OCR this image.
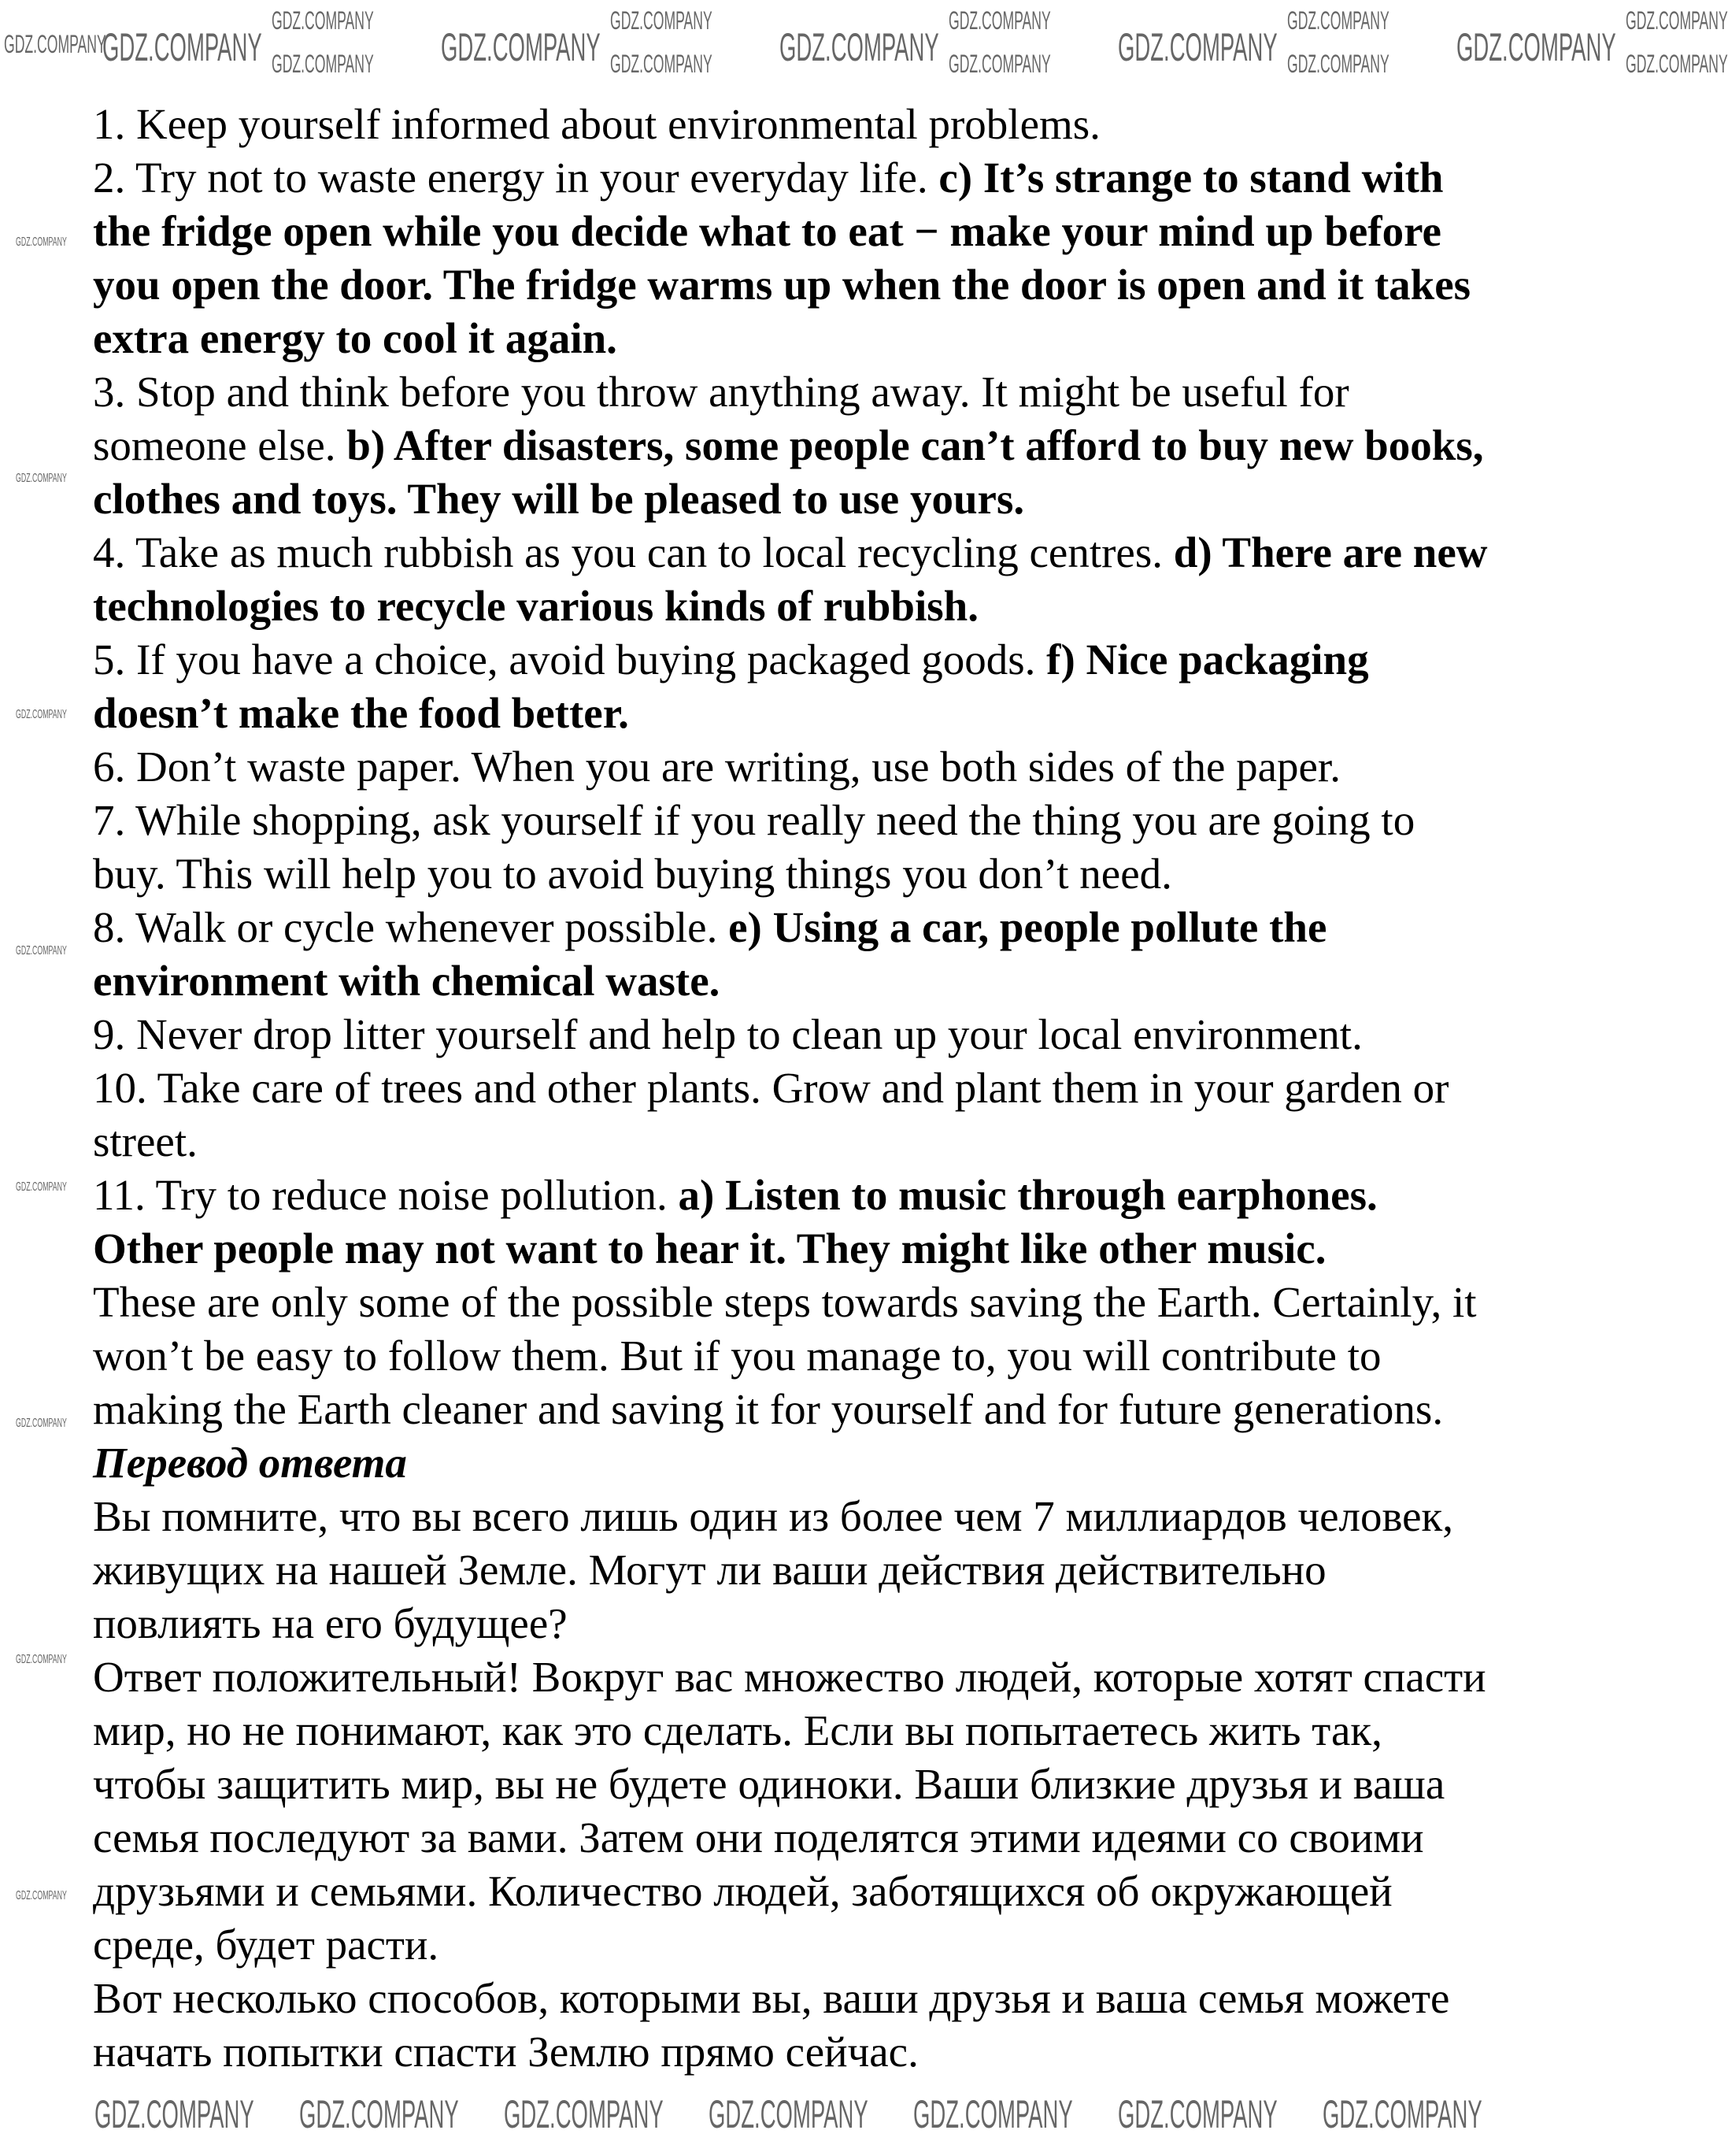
1. Keep yourself informed about environmental problems.
2. Try not to waste energy in your everyday life. c) It’s strange to stand with
the fridge open while you decide what to eat − make your mind up before
you open the door. The fridge warms up when the door is open and it takes
extra energy to cool it again.
3. Stop and think before you throw anything away. It might be useful for
someone else. b) After disasters, some people can’t afford to buy new books,
clothes and toys. They will be pleased to use yours.
4. Take as much rubbish as you can to local recycling centres. d) There are new
technologies to recycle various kinds of rubbish.
5. If you have a choice, avoid buying packaged goods. f) Nice packaging
doesn’t make the food better.
6. Don’t waste paper. When you are writing, use both sides of the paper.
7. While shopping, ask yourself if you really need the thing you are going to
buy. This will help you to avoid buying things you don’t need.
8. Walk or cycle whenever possible. e) Using a car, people pollute the
environment with chemical waste.
9. Never drop litter yourself and help to clean up your local environment.
10. Take care of trees and other plants. Grow and plant them in your garden or
street.
11. Try to reduce noise pollution. a) Listen to music through earphones.
Other people may not want to hear it. They might like other music.
These are only some of the possible steps towards saving the Earth. Certainly, it
won’t be easy to follow them. But if you manage to, you will contribute to
making the Earth cleaner and saving it for yourself and for future generations.
Перевод ответа
Вы помните, что вы всего лишь один из более чем 7 миллиардов человек,
живущих на нашей Земле. Могут ли ваши действия действительно
повлиять на его будущее?
Ответ положительный! Вокруг вас множество людей, которые хотят спасти
мир, но не понимают, как это сделать. Если вы попытаетесь жить так,
чтобы защитить мир, вы не будете одиноки. Ваши близкие друзья и ваша
семья последуют за вами. Затем они поделятся этими идеями со своими
друзьями и семьями. Количество людей, заботящихся об окружающей
среде, будет расти.
Вот несколько способов, которыми вы, ваши друзья и ваша семья можете
начать попытки спасти Землю прямо сейчас.
GDZ.COMPANY	GDZ.COMPANY	GDZ.COMPANY	GDZ.COMPANY	GDZ.COMPANY
GDZ.COMPANY GDZ.COMPANY GDZ.COMPANY GDZ.COMPANY GDZ.COMPANY GDZ.COMPANY GDZ.COMPANY
GDZ.COMPANY
GDZ.COMPANY
GDZ.COMPANY
GDZ.COMPANY
GDZ.COMPANY
GDZ.COMPANY
GDZ.COMPANY
GDZ.COMPANY
GDZ.COMPANY
GDZ.COMPANY
GDZ.COMPANY
GDZ.COMPANY
GDZ.COMPANY
GDZ.COMPANY
GDZ.COMPANY
GDZ.COMPANY
GDZ.COMPANY
GDZ.COMPANY
GDZ.COMPANY
